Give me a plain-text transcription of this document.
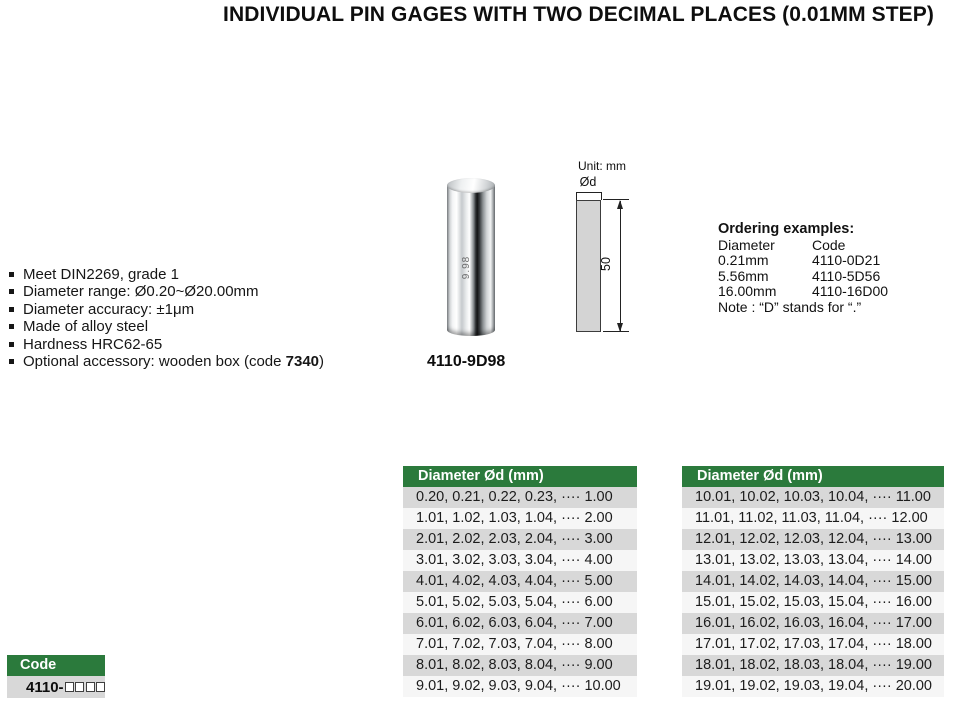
INDIVIDUAL PIN GAGES WITH TWO DECIMAL PLACES (0.01MM STEP)
Meet DIN2269, grade 1
Diameter range: Ø0.20~Ø20.00mm
Diameter accuracy: ±1μm
Made of alloy steel
Hardness HRC62-65
Optional accessory: wooden box (code 7340)
9.98
4110-9D98
Unit: mm
Ød
50
Ordering examples:
Diameter	Code
0.21mm	4110-0D21
5.56mm	4110-5D56
16.00mm	4110-16D00
Note : “D” stands for “.”
Diameter Ød (mm)
0.20, 0.21, 0.22, 0.23, ···· 1.00
1.01, 1.02, 1.03, 1.04, ···· 2.00
2.01, 2.02, 2.03, 2.04, ···· 3.00
3.01, 3.02, 3.03, 3.04, ···· 4.00
4.01, 4.02, 4.03, 4.04, ···· 5.00
5.01, 5.02, 5.03, 5.04, ···· 6.00
6.01, 6.02, 6.03, 6.04, ···· 7.00
7.01, 7.02, 7.03, 7.04, ···· 8.00
8.01, 8.02, 8.03, 8.04, ···· 9.00
9.01, 9.02, 9.03, 9.04, ···· 10.00
Diameter Ød (mm)
10.01, 10.02, 10.03, 10.04, ···· 11.00
11.01, 11.02, 11.03, 11.04, ···· 12.00
12.01, 12.02, 12.03, 12.04, ···· 13.00
13.01, 13.02, 13.03, 13.04, ···· 14.00
14.01, 14.02, 14.03, 14.04, ···· 15.00
15.01, 15.02, 15.03, 15.04, ···· 16.00
16.01, 16.02, 16.03, 16.04, ···· 17.00
17.01, 17.02, 17.03, 17.04, ···· 18.00
18.01, 18.02, 18.03, 18.04, ···· 19.00
19.01, 19.02, 19.03, 19.04, ···· 20.00
Code
4110-
